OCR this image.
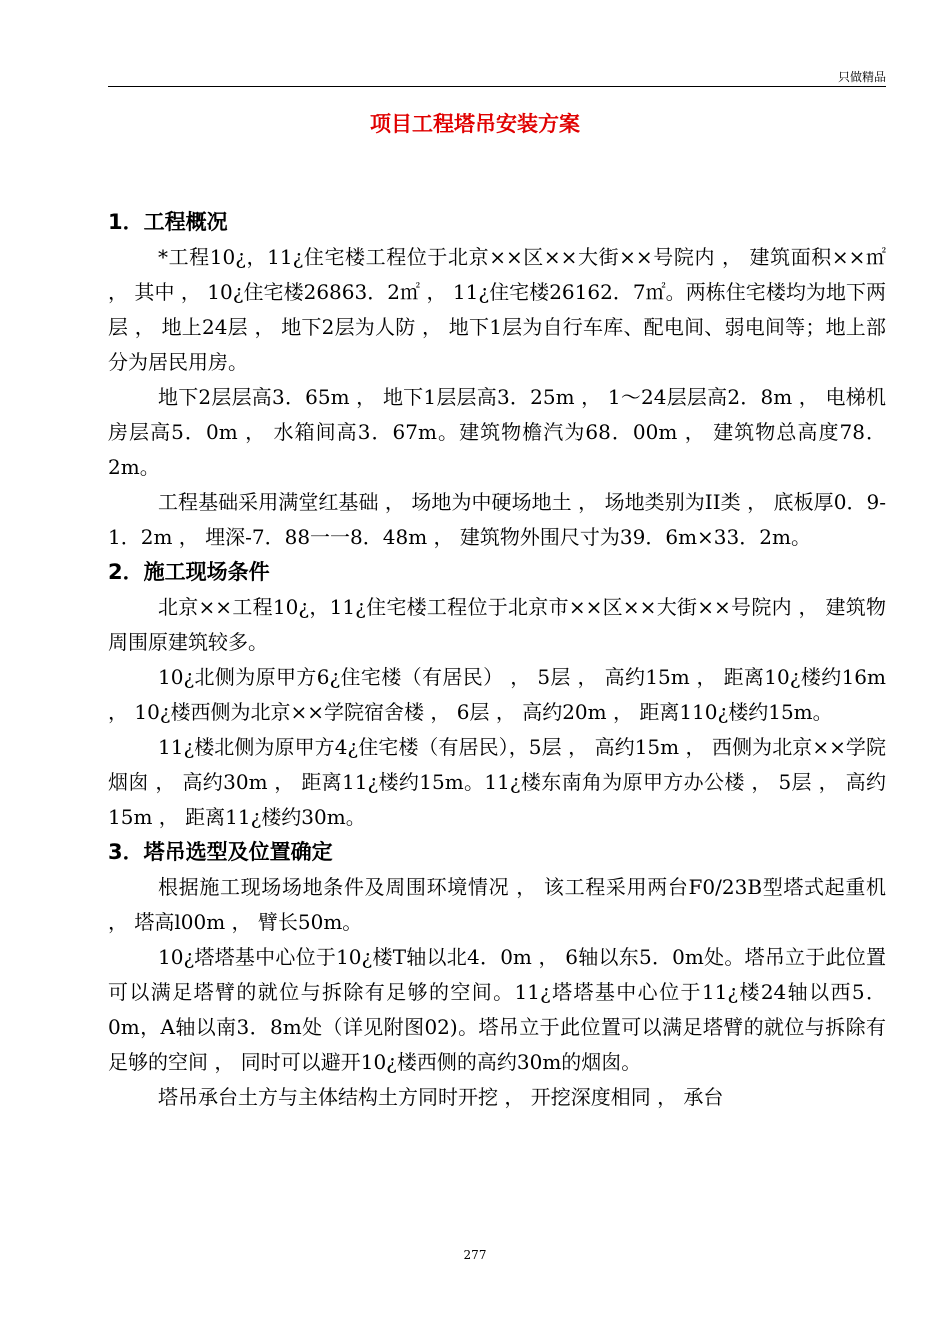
只做精品
项目工程塔吊安装方案
1．工程概况

*工程10¿，11¿住宅楼工程位于北京××区××大街××号院内 ， 建筑面积××㎡ ， 其中 ， 10¿住宅楼26863．2㎡ ， 11¿住宅楼26162．7㎡。两栋住宅楼均为地下两层 ， 地上24层 ， 地下2层为人防 ， 地下1层为自行车库、配电间、弱电间等；地上部分为居民用房。

地下2层层高3．65m ， 地下1层层高3．25m ， 1～24层层高2．8m ， 电梯机房层高5．0m ， 水箱间高3．67m。建筑物檐汽为68．00m ， 建筑物总高度78．2m。

工程基础采用满堂红基础 ， 场地为中硬场地土 ， 场地类别为II类 ， 底板厚0．9-1．2m ， 埋深-7．88一一8．48m ， 建筑物外围尺寸为39．6m×33．2m。

2．施工现场条件

北京××工程10¿，11¿住宅楼工程位于北京市××区××大街××号院内 ， 建筑物周围原建筑较多。

10¿北侧为原甲方6¿住宅楼（有居民） ， 5层 ， 高约15m ， 距离10¿楼约16m ， 10¿楼西侧为北京××学院宿舍楼 ， 6层 ， 高约20m ， 距离110¿楼约15m。

11¿楼北侧为原甲方4¿住宅楼（有居民），5层 ， 高约15m ， 西侧为北京××学院烟囱 ， 高约30m ， 距离11¿楼约15m。11¿楼东南角为原甲方办公楼 ， 5层 ， 高约15m ， 距离11¿楼约30m。

3．塔吊选型及位置确定

根据施工现场场地条件及周围环境情况 ， 该工程采用两台F0/23B型塔式起重机 ， 塔高l00m ， 臂长50m。

10¿塔塔基中心位于10¿楼T轴以北4．0m ， 6轴以东5．0m处。塔吊立于此位置可以满足塔臂的就位与拆除有足够的空间。11¿塔塔基中心位于11¿楼24轴以西5．0m，A轴以南3．8m处（详见附图02)。塔吊立于此位置可以满足塔臂的就位与拆除有足够的空间 ， 同时可以避开10¿楼西侧的高约30m的烟囱。

塔吊承台土方与主体结构土方同时开挖 ， 开挖深度相同 ， 承台

277
